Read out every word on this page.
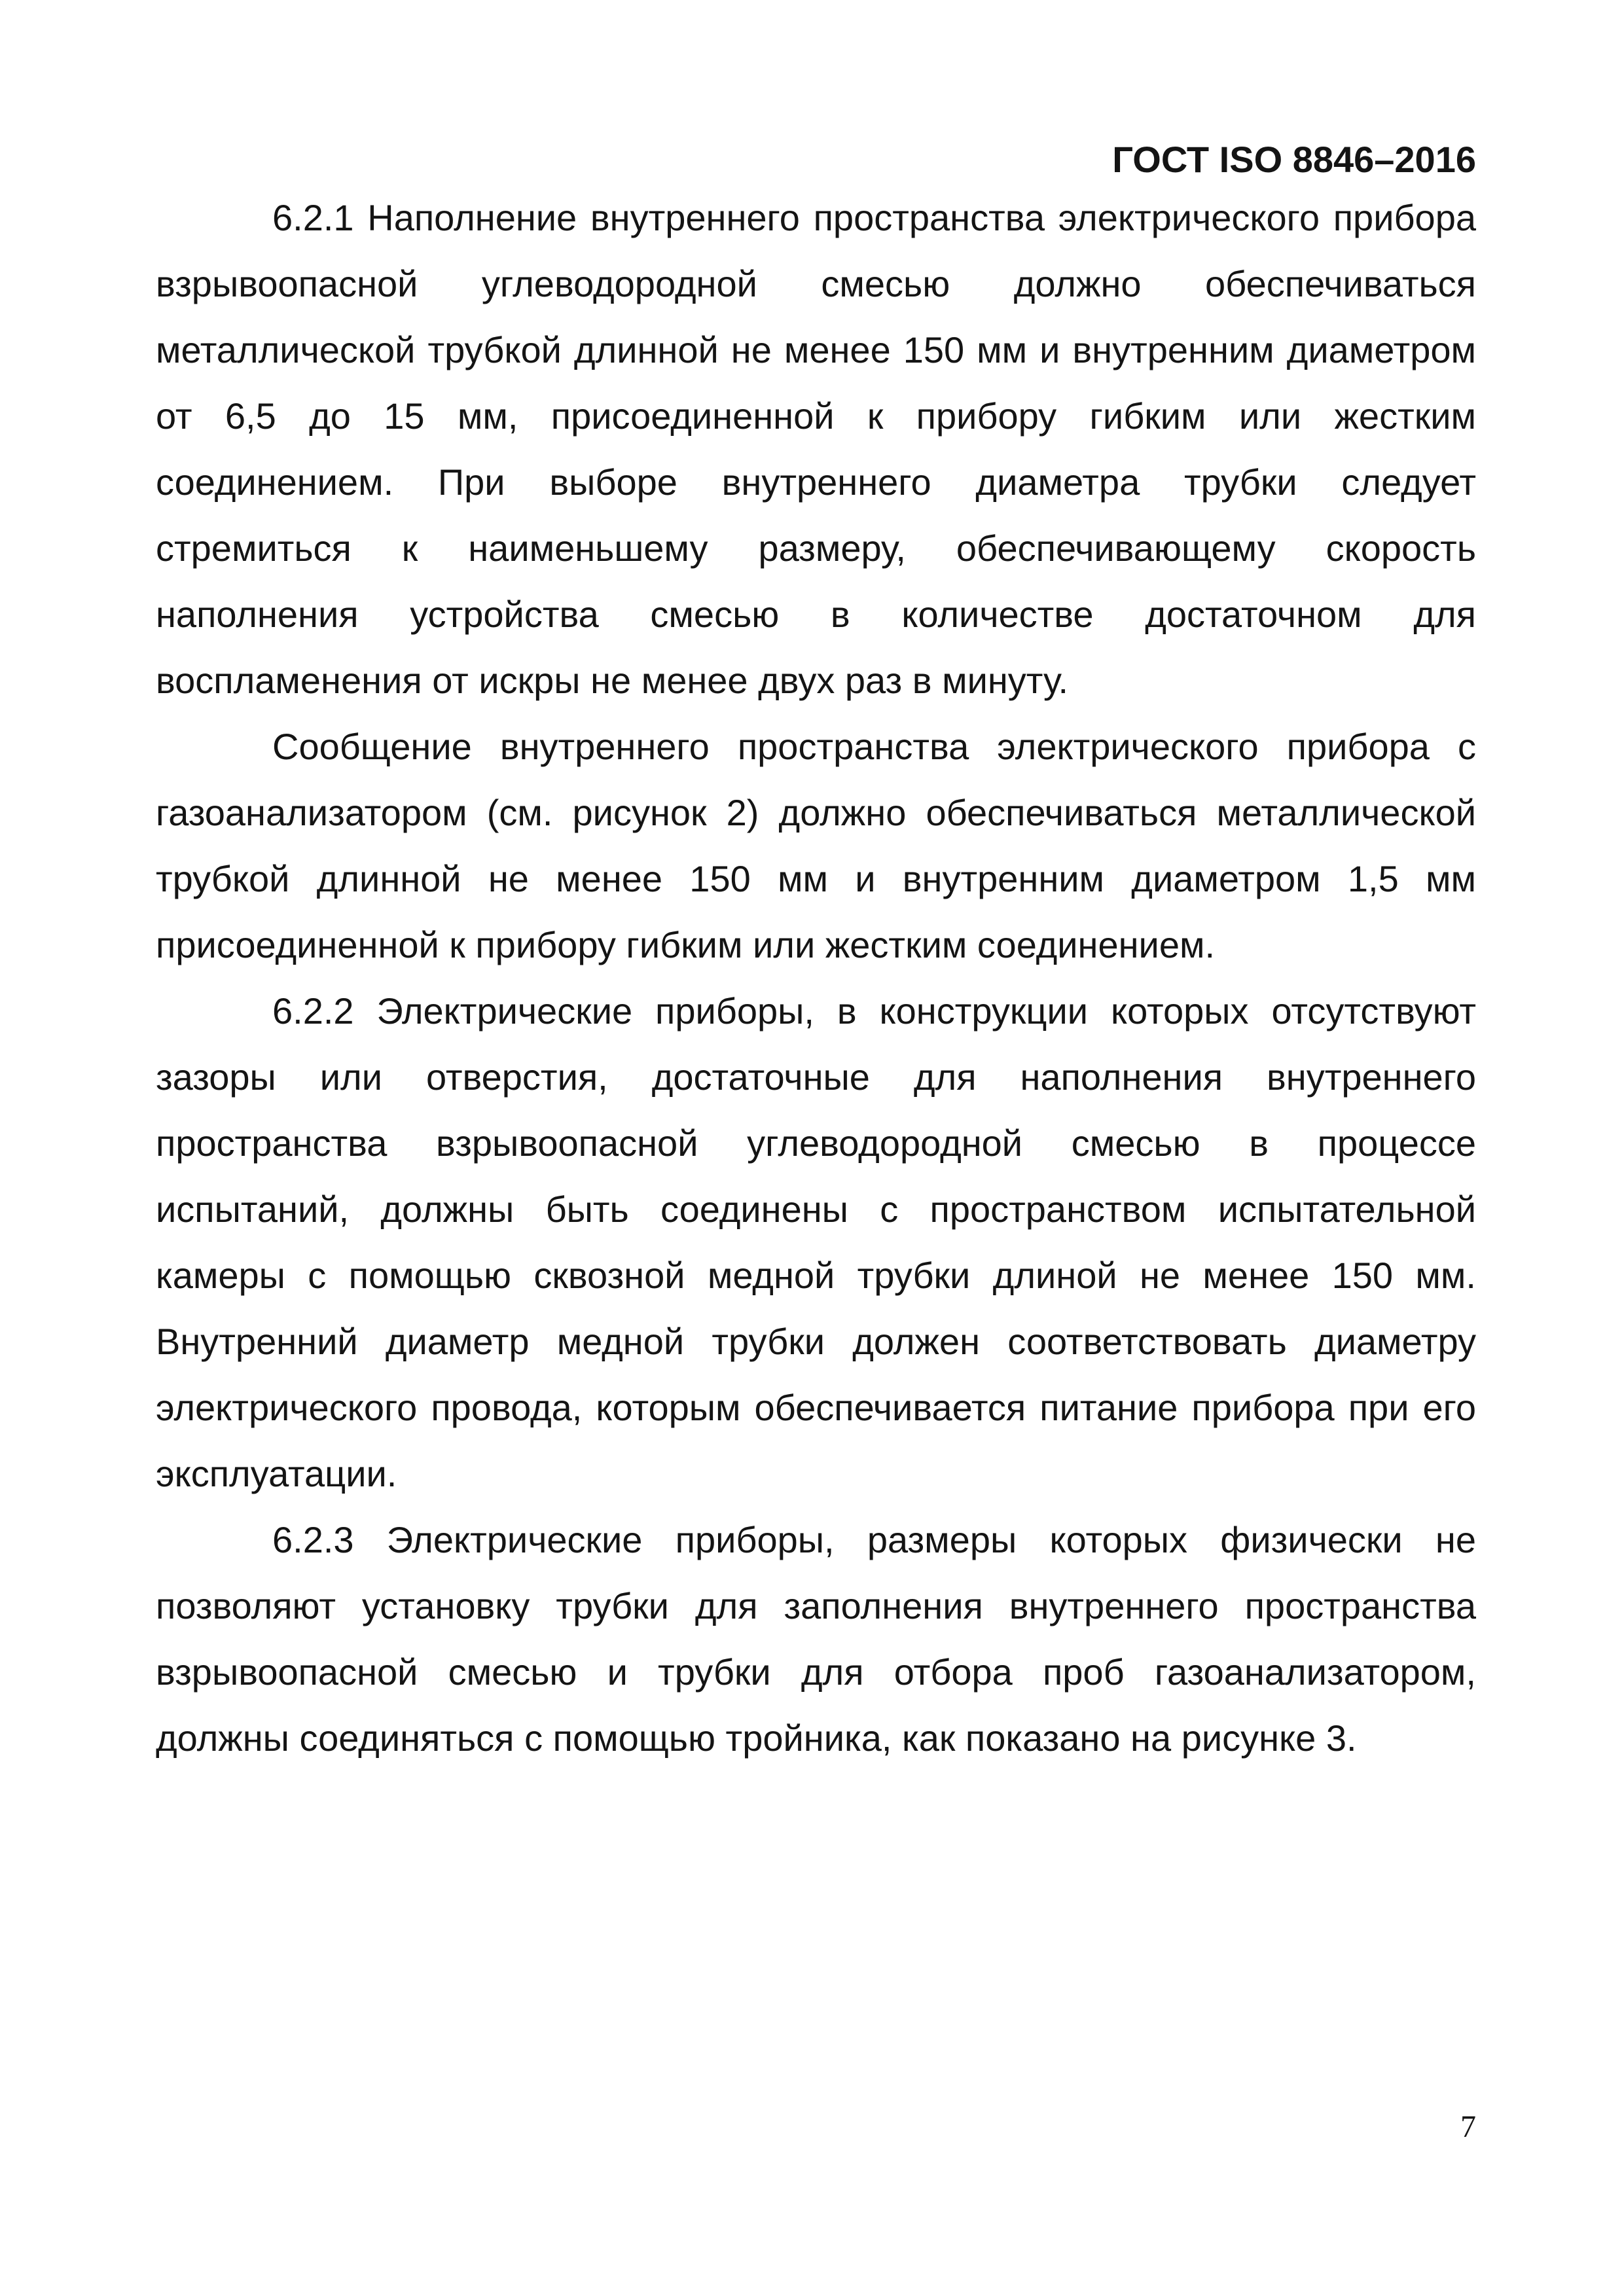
ГОСТ ISO 8846–2016

6.2.1 Наполнение внутреннего пространства электрического прибора взрывоопасной углеводородной смесью должно обеспечиваться металлической трубкой длинной не менее 150 мм и внутренним диаметром от 6,5 до 15 мм, присоединенной к прибору гибким или жестким соединением. При выборе внутреннего диаметра трубки следует стремиться к наименьшему размеру, обеспечивающему скорость наполнения устройства смесью в количестве достаточном для воспламенения от искры не менее двух раз в минуту.

Сообщение внутреннего пространства электрического прибора с газоанализатором (см. рисунок 2) должно обеспечиваться металлической трубкой длинной не менее 150 мм и внутренним диаметром 1,5 мм присоединенной к прибору гибким или жестким соединением.

6.2.2 Электрические приборы, в конструкции которых отсутствуют зазоры или отверстия, достаточные для наполнения внутреннего пространства взрывоопасной углеводородной смесью в процессе испытаний, должны быть соединены с пространством испытательной камеры с помощью сквозной медной трубки длиной не менее 150 мм. Внутренний диаметр медной трубки должен соответствовать диаметру электрического провода, которым обеспечивается питание прибора при его эксплуатации.

6.2.3 Электрические приборы, размеры которых физически не позволяют установку трубки для заполнения внутреннего пространства взрывоопасной смесью и трубки для отбора проб газоанализатором, должны соединяться с помощью тройника, как показано на рисунке 3.

7
